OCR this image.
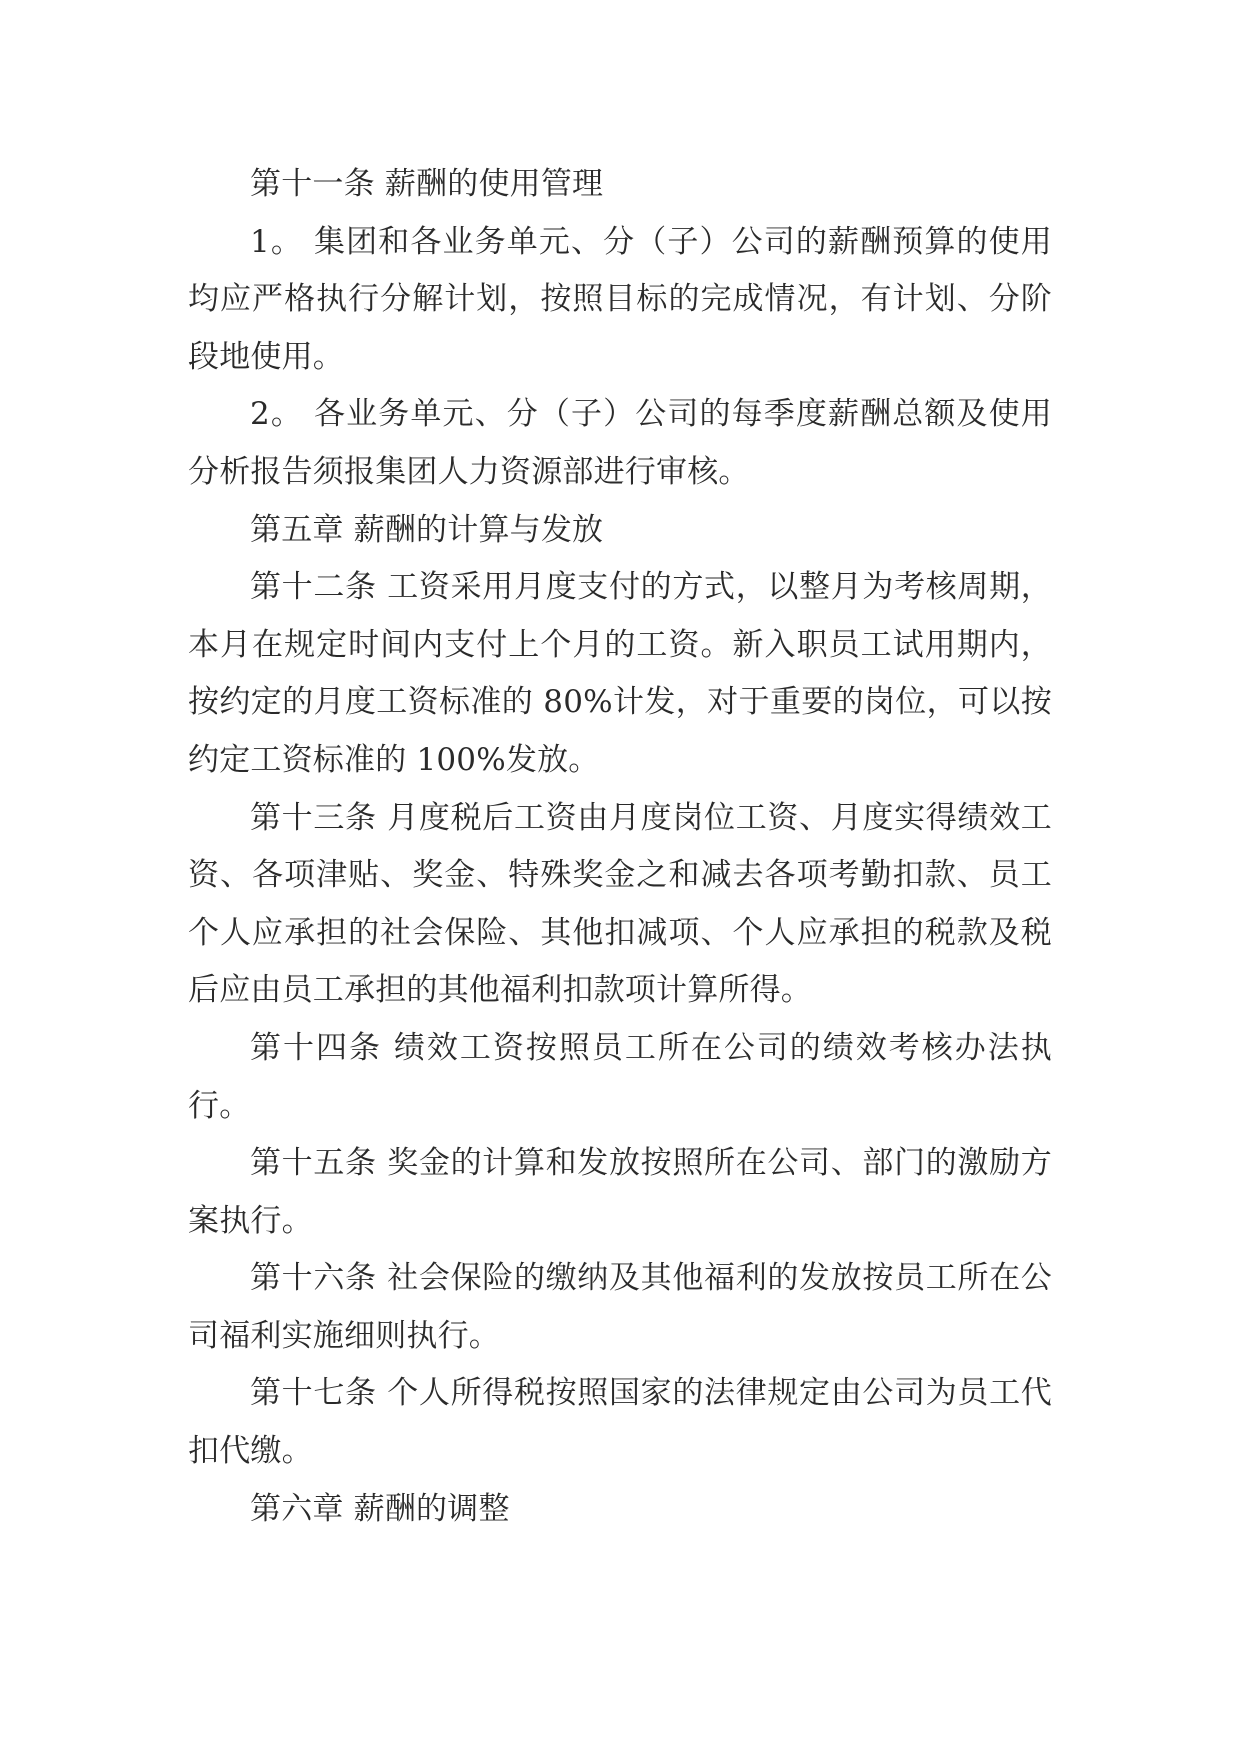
第十一条 薪酬的使用管理

1。 集团和各业务单元、分（子）公司的薪酬预算的使用均应严格执行分解计划，按照目标的完成情况，有计划、分阶段地使用。

2。 各业务单元、分（子）公司的每季度薪酬总额及使用分析报告须报集团人力资源部进行审核。

第五章 薪酬的计算与发放

第十二条 工资采用月度支付的方式，以整月为考核周期，本月在规定时间内支付上个月的工资。新入职员工试用期内，按约定的月度工资标准的 80%计发，对于重要的岗位，可以按约定工资标准的 100%发放。

第十三条 月度税后工资由月度岗位工资、月度实得绩效工资、各项津贴、奖金、特殊奖金之和减去各项考勤扣款、员工个人应承担的社会保险、其他扣减项、个人应承担的税款及税后应由员工承担的其他福利扣款项计算所得。

第十四条 绩效工资按照员工所在公司的绩效考核办法执行。

第十五条 奖金的计算和发放按照所在公司、部门的激励方案执行。

第十六条 社会保险的缴纳及其他福利的发放按员工所在公司福利实施细则执行。

第十七条 个人所得税按照国家的法律规定由公司为员工代扣代缴。

第六章 薪酬的调整
